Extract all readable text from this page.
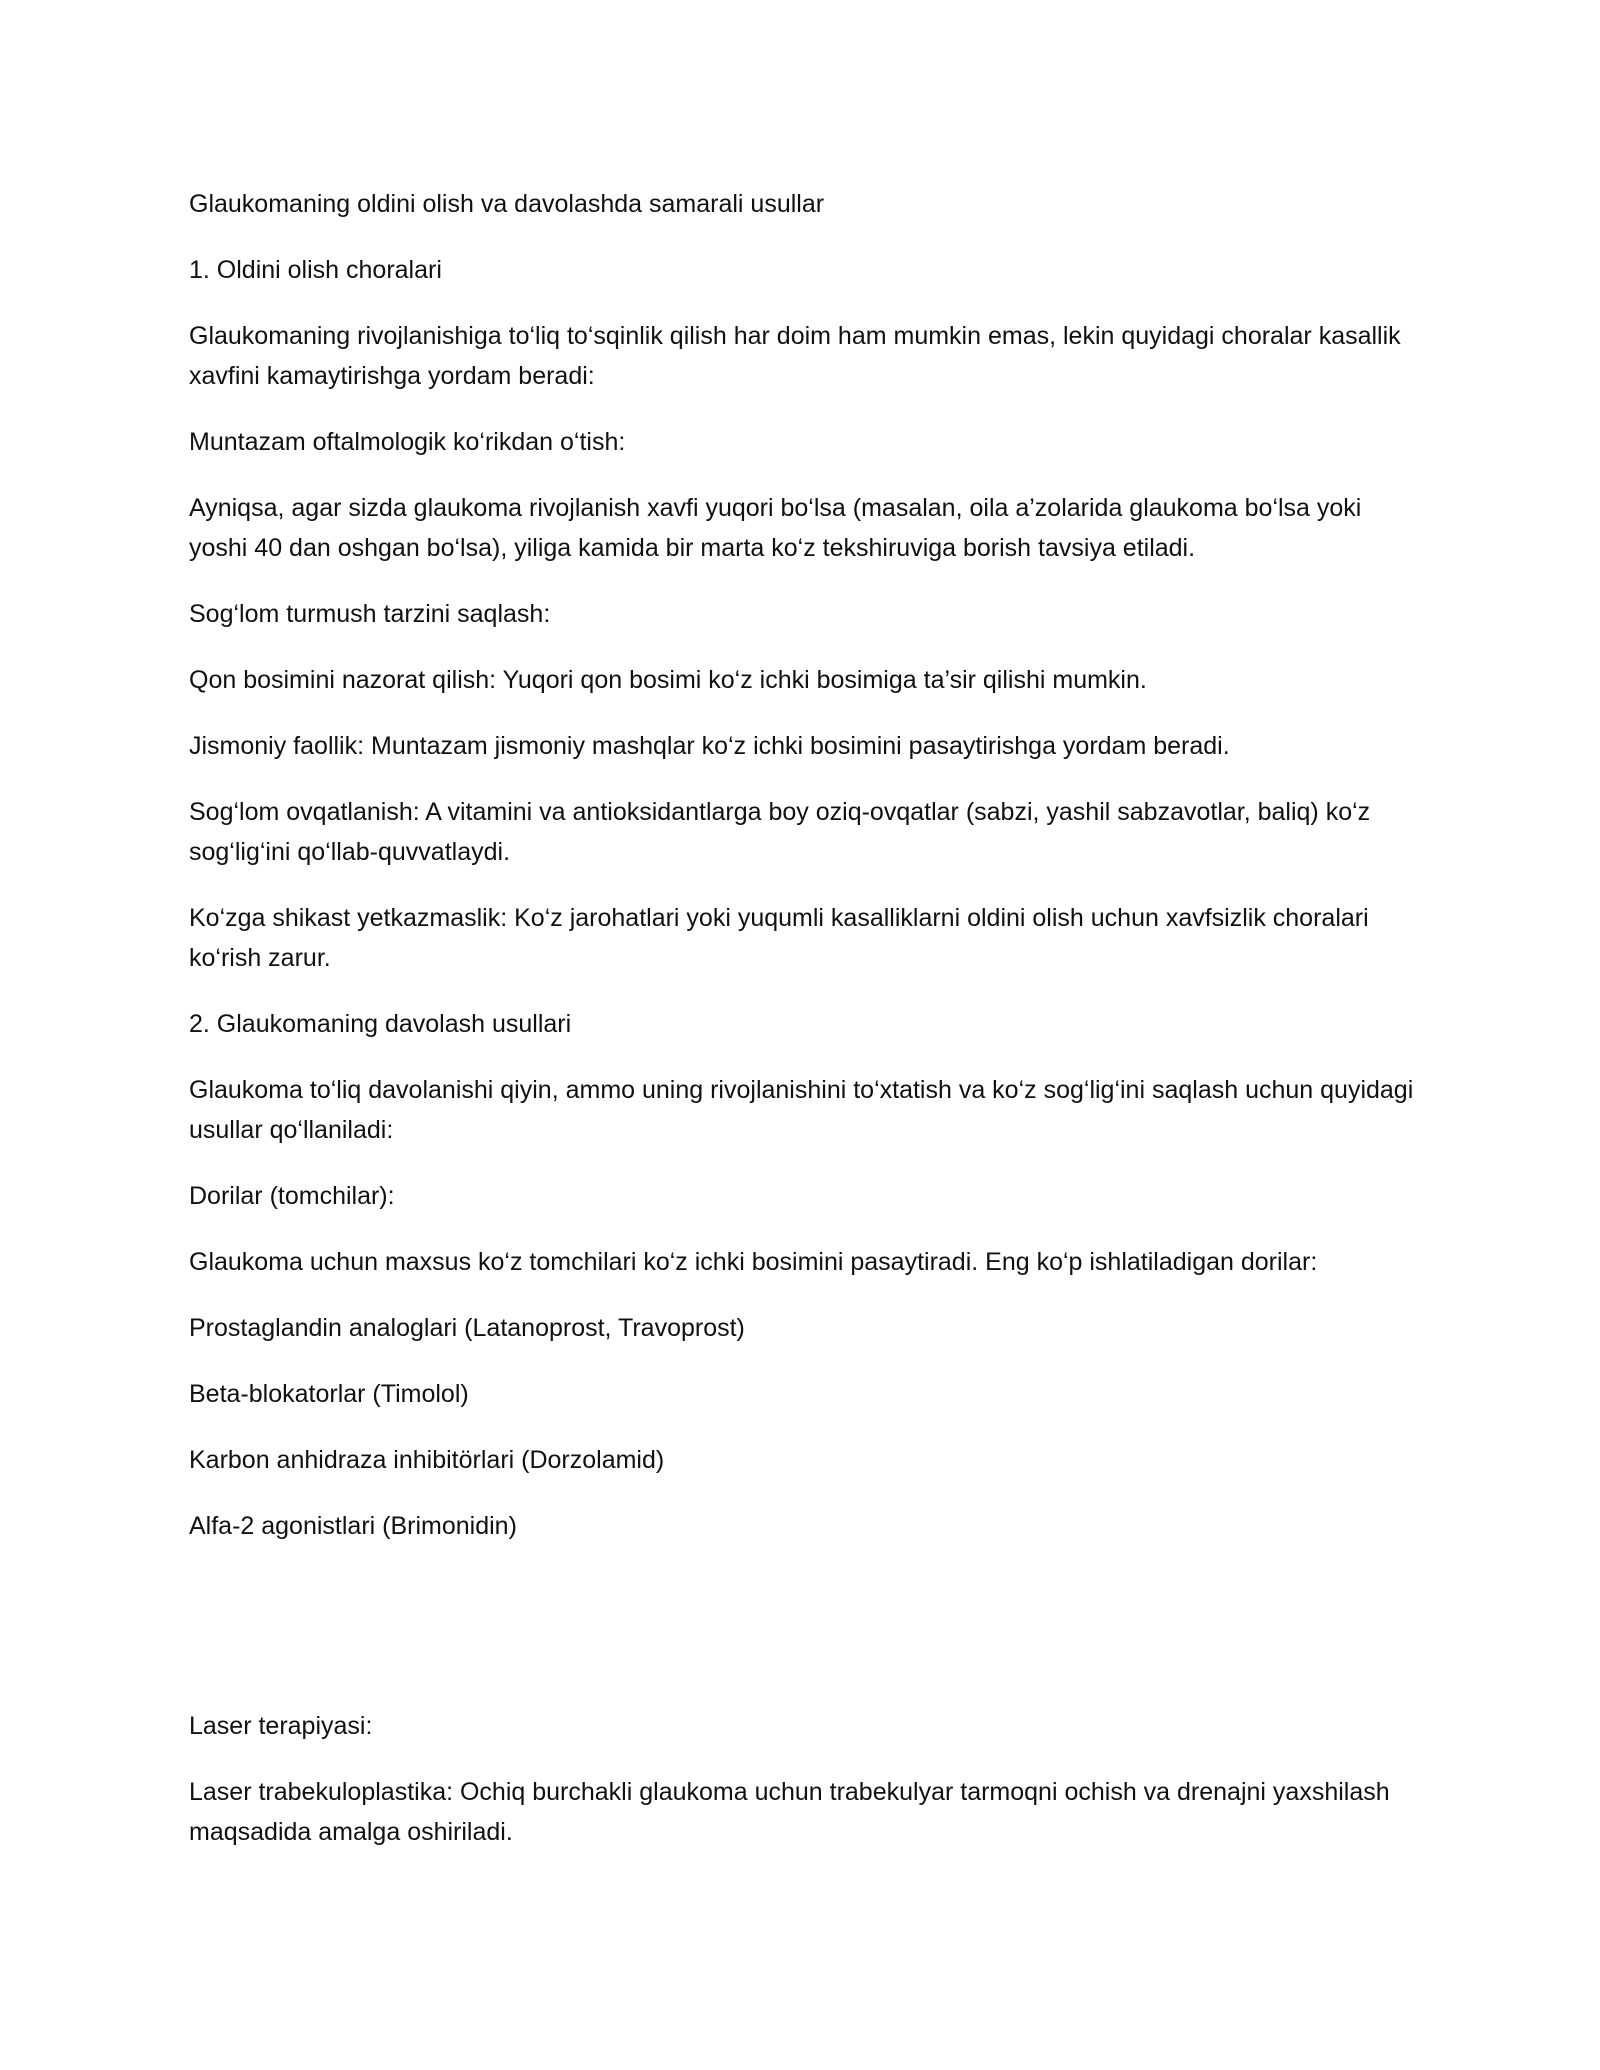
Glaukomaning oldini olish va davolashda samarali usullar

1. Oldini olish choralari

Glaukomaning rivojlanishiga to‘liq to‘sqinlik qilish har doim ham mumkin emas, lekin quyidagi choralar kasallik xavfini kamaytirishga yordam beradi:

Muntazam oftalmologik ko‘rikdan o‘tish:

Ayniqsa, agar sizda glaukoma rivojlanish xavfi yuqori bo‘lsa (masalan, oila a’zolarida glaukoma bo‘lsa yoki yoshi 40 dan oshgan bo‘lsa), yiliga kamida bir marta ko‘z tekshiruviga borish tavsiya etiladi.

Sog‘lom turmush tarzini saqlash:

Qon bosimini nazorat qilish: Yuqori qon bosimi ko‘z ichki bosimiga ta’sir qilishi mumkin.

Jismoniy faollik: Muntazam jismoniy mashqlar ko‘z ichki bosimini pasaytirishga yordam beradi.

Sog‘lom ovqatlanish: A vitamini va antioksidantlarga boy oziq-ovqatlar (sabzi, yashil sabzavotlar, baliq) ko‘z sog‘lig‘ini qo‘llab-quvvatlaydi.

Ko‘zga shikast yetkazmaslik: Ko‘z jarohatlari yoki yuqumli kasalliklarni oldini olish uchun xavfsizlik choralari ko‘rish zarur.

2. Glaukomaning davolash usullari

Glaukoma to‘liq davolanishi qiyin, ammo uning rivojlanishini to‘xtatish va ko‘z sog‘lig‘ini saqlash uchun quyidagi usullar qo‘llaniladi:

Dorilar (tomchilar):

Glaukoma uchun maxsus ko‘z tomchilari ko‘z ichki bosimini pasaytiradi. Eng ko‘p ishlatiladigan dorilar:

Prostaglandin analoglari (Latanoprost, Travoprost)

Beta-blokatorlar (Timolol)

Karbon anhidraza inhibitörlari (Dorzolamid)

Alfa-2 agonistlari (Brimonidin)

Laser terapiyasi:

Laser trabekuloplastika: Ochiq burchakli glaukoma uchun trabekulyar tarmoqni ochish va drenajni yaxshilash maqsadida amalga oshiriladi.
